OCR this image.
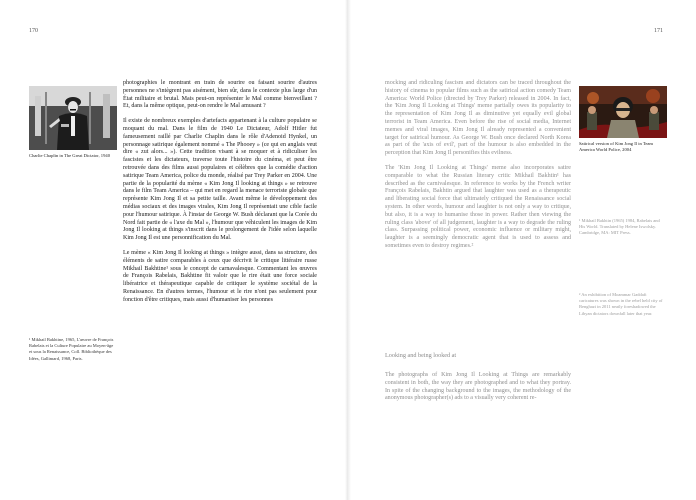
170	171
Charlie Chaplin in The Great Dictator, 1940

photographies le montrant en train de sourire ou faisant sourire d'autres personnes ne s'intègrent pas aisément, bien sûr, dans le contexte plus large d'un État militaire et brutal. Mais peut-on représenter le Mal comme bienveillant ? Et, dans la même optique, peut-on rendre le Mal amusant ?

Il existe de nombreux exemples d'artefacts appartenant à la culture populaire se moquant du mal. Dans le film de 1940 Le Dictateur, Adolf Hitler fut fameusement raillé par Charlie Chaplin dans le rôle d'Adenoid Hynkel, un personnage satirique également nommé « The Phooey » (ce qui en anglais veut dire « zut alors... »). Cette tradition visant à se moquer et à ridiculiser les fascistes et les dictateurs, traverse toute l'histoire du cinéma, et peut être retrouvée dans des films aussi populaires et célèbres que la comédie d'action satirique Team America, police du monde, réalisé par Trey Parker en 2004. Une partie de la popularité du mème « Kim Jong Il looking at things » se retrouve dans le film Team America – qui met en regard la menace terroriste globale que représente Kim Jong Il et sa petite taille. Avant même le développement des médias sociaux et des images virales, Kim Jong Il représentait une cible facile pour l'humour satirique. À l'instar de George W. Bush déclarant que la Corée du Nord fait partie de « l'axe du Mal », l'humour que véhiculent les images de Kim Jong Il looking at things s'inscrit dans le prolongement de l'idée selon laquelle Kim Jong Il est une personnification du Mal.

Le mème « Kim Jong Il looking at things » intègre aussi, dans sa structure, des éléments de satire comparables à ceux que décrivit le critique littéraire russe Mikhail Bakhtine¹ sous le concept de carnavalesque. Commentant les œuvres de François Rabelais, Bakhtine fit valoir que le rire était une force sociale libératrice et thérapeutique capable de critiquer le système sociétal de la Renaissance. En d'autres termes, l'humour et le rire n'ont pas seulement pour fonction d'être critiques, mais aussi d'humaniser les personnes

¹ Mikhail Bakhtine, 1965, L'œuvre de François Rabelais et la Culture Populaire au Moyen-âge et sous la Renaissance, Coll. Bibliothèque des Idées, Gallimard, 1968, Paris.

mocking and ridiculing fascism and dictators can be traced throughout the history of cinema to popular films such as the satirical action comedy Team America: World Police (directed by Trey Parker) released in 2004. In fact, the 'Kim Jong Il Looking at Things' meme partially owes its popularity to the representation of Kim Jong Il as diminutive yet equally evil global terrorist in Team America. Even before the rise of social media, Internet memes and viral images, Kim Jong Il already represented a convenient target for satirical humour. As George W. Bush once declared North Korea as part of the 'axis of evil', part of the humour is also embedded in the perception that Kim Jong Il personifies this evilness.

The 'Kim Jong Il Looking at Things' meme also incorporates satire comparable to what the Russian literary critic Mikhail Bakhtin¹ has described as the carnivalesque. In reference to works by the French writer François Rabelais, Bakhtin argued that laughter was used as a therapeutic and liberating social force that ultimately critiqued the Renaissance social system. In other words, humour and laughter is not only a way to critique, but also, it is a way to humanise those in power. Rather then viewing the ruling class 'above' of all judgement, laughter is a way to degrade the ruling class. Surpassing political power, economic influence or military might, laughter is a seemingly democratic agent that is used to assess and sometimes even to destroy regimes.²

Looking and being looked at

The photographs of Kim Jong Il Looking at Things are remarkably consistent in both, the way they are photographed and to what they portray. In spite of the changing background to the images, the methodology of the anonymous photographer(s) ads to a visually very coherent re-

Satirical version of Kim Jong Il in Team America World Police, 2004
¹ Mikhail Bakhtin (1965) 1984, Rabelais and His World. Translated by Helene Iswolsky. Cambridge, MA: MIT Press.
² An exhibition of Moammar Gaddafi caricatures was shown in the rebel held city of Benghazi in 2011 neatly foreshadowed the Libyan dictators downfall later that year.
